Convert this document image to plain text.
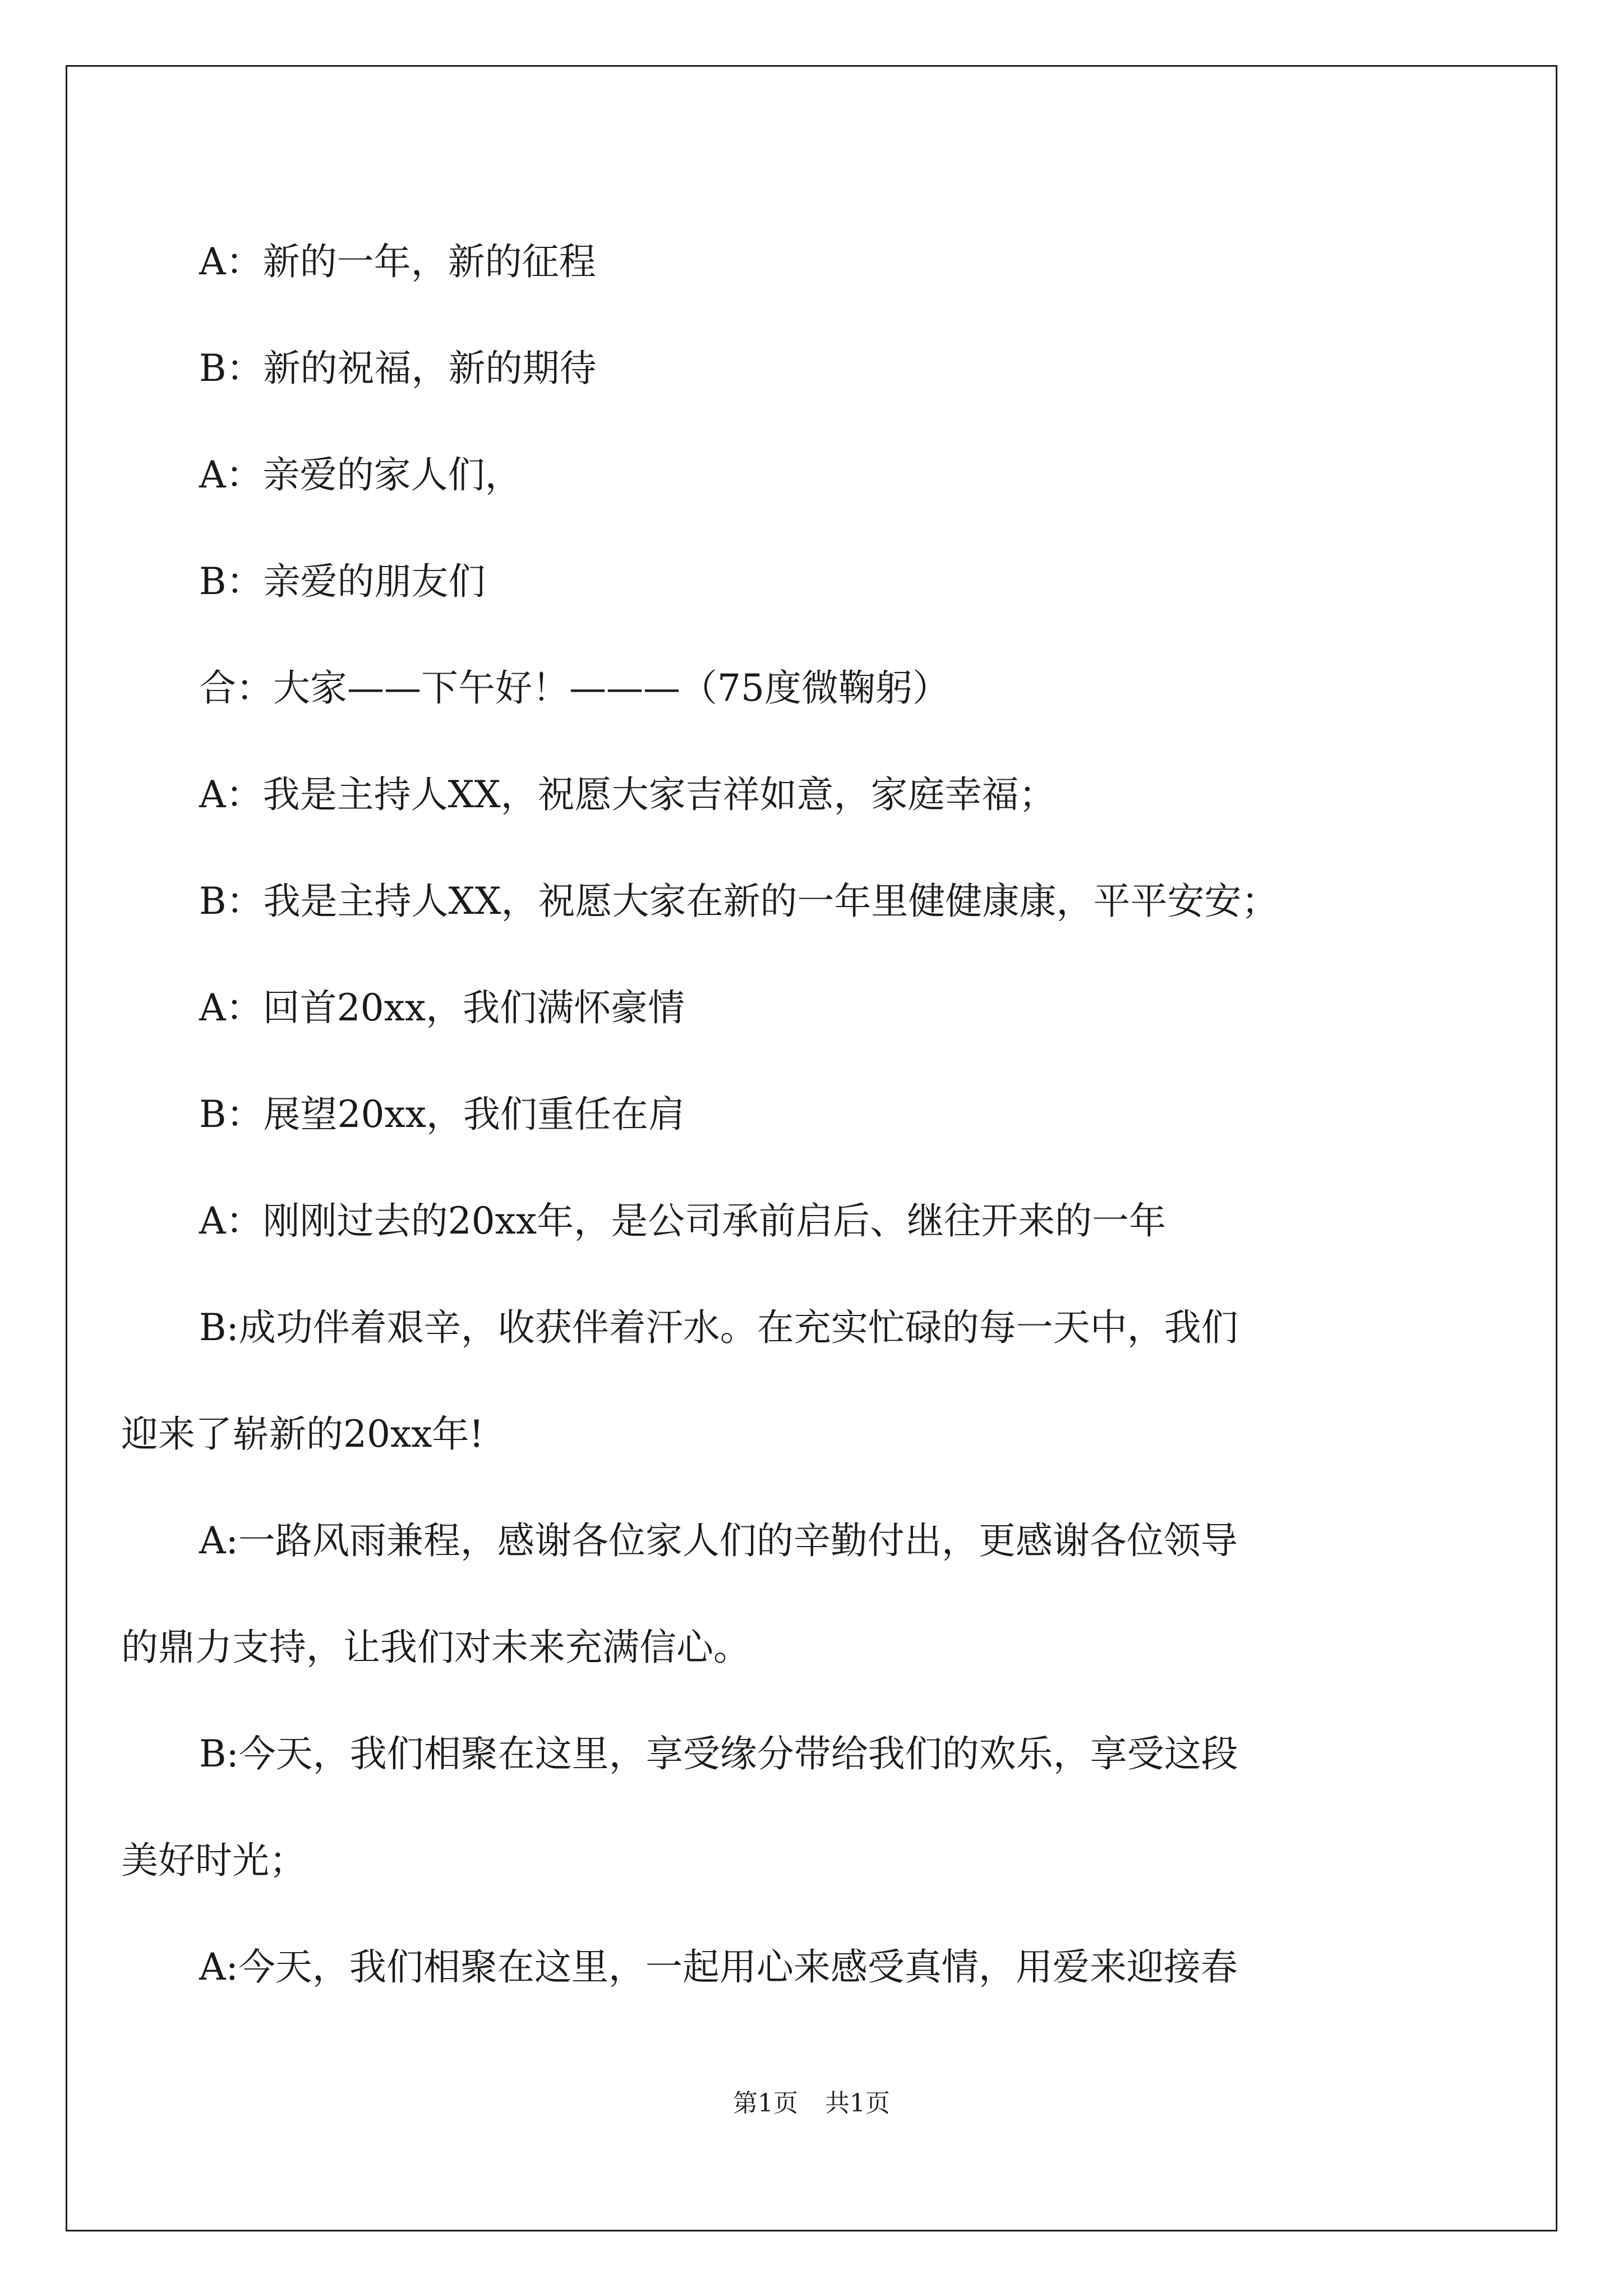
A：新的一年，新的征程

B：新的祝福，新的期待

A：亲爱的家人们，

B：亲爱的朋友们

合：大家——下午好！———（75度微鞠躬）

A：我是主持人XX，祝愿大家吉祥如意，家庭幸福；

B：我是主持人XX，祝愿大家在新的一年里健健康康，平平安安；

A：回首20xx，我们满怀豪情

B：展望20xx，我们重任在肩

A：刚刚过去的20xx年，是公司承前启后、继往开来的一年

B:成功伴着艰辛，收获伴着汗水。在充实忙碌的每一天中，我们

迎来了崭新的20xx年!

A:一路风雨兼程，感谢各位家人们的辛勤付出，更感谢各位领导

的鼎力支持，让我们对未来充满信心。

B:今天，我们相聚在这里，享受缘分带给我们的欢乐，享受这段

美好时光；

A:今天，我们相聚在这里，一起用心来感受真情，用爱来迎接春

第1页 共1页
